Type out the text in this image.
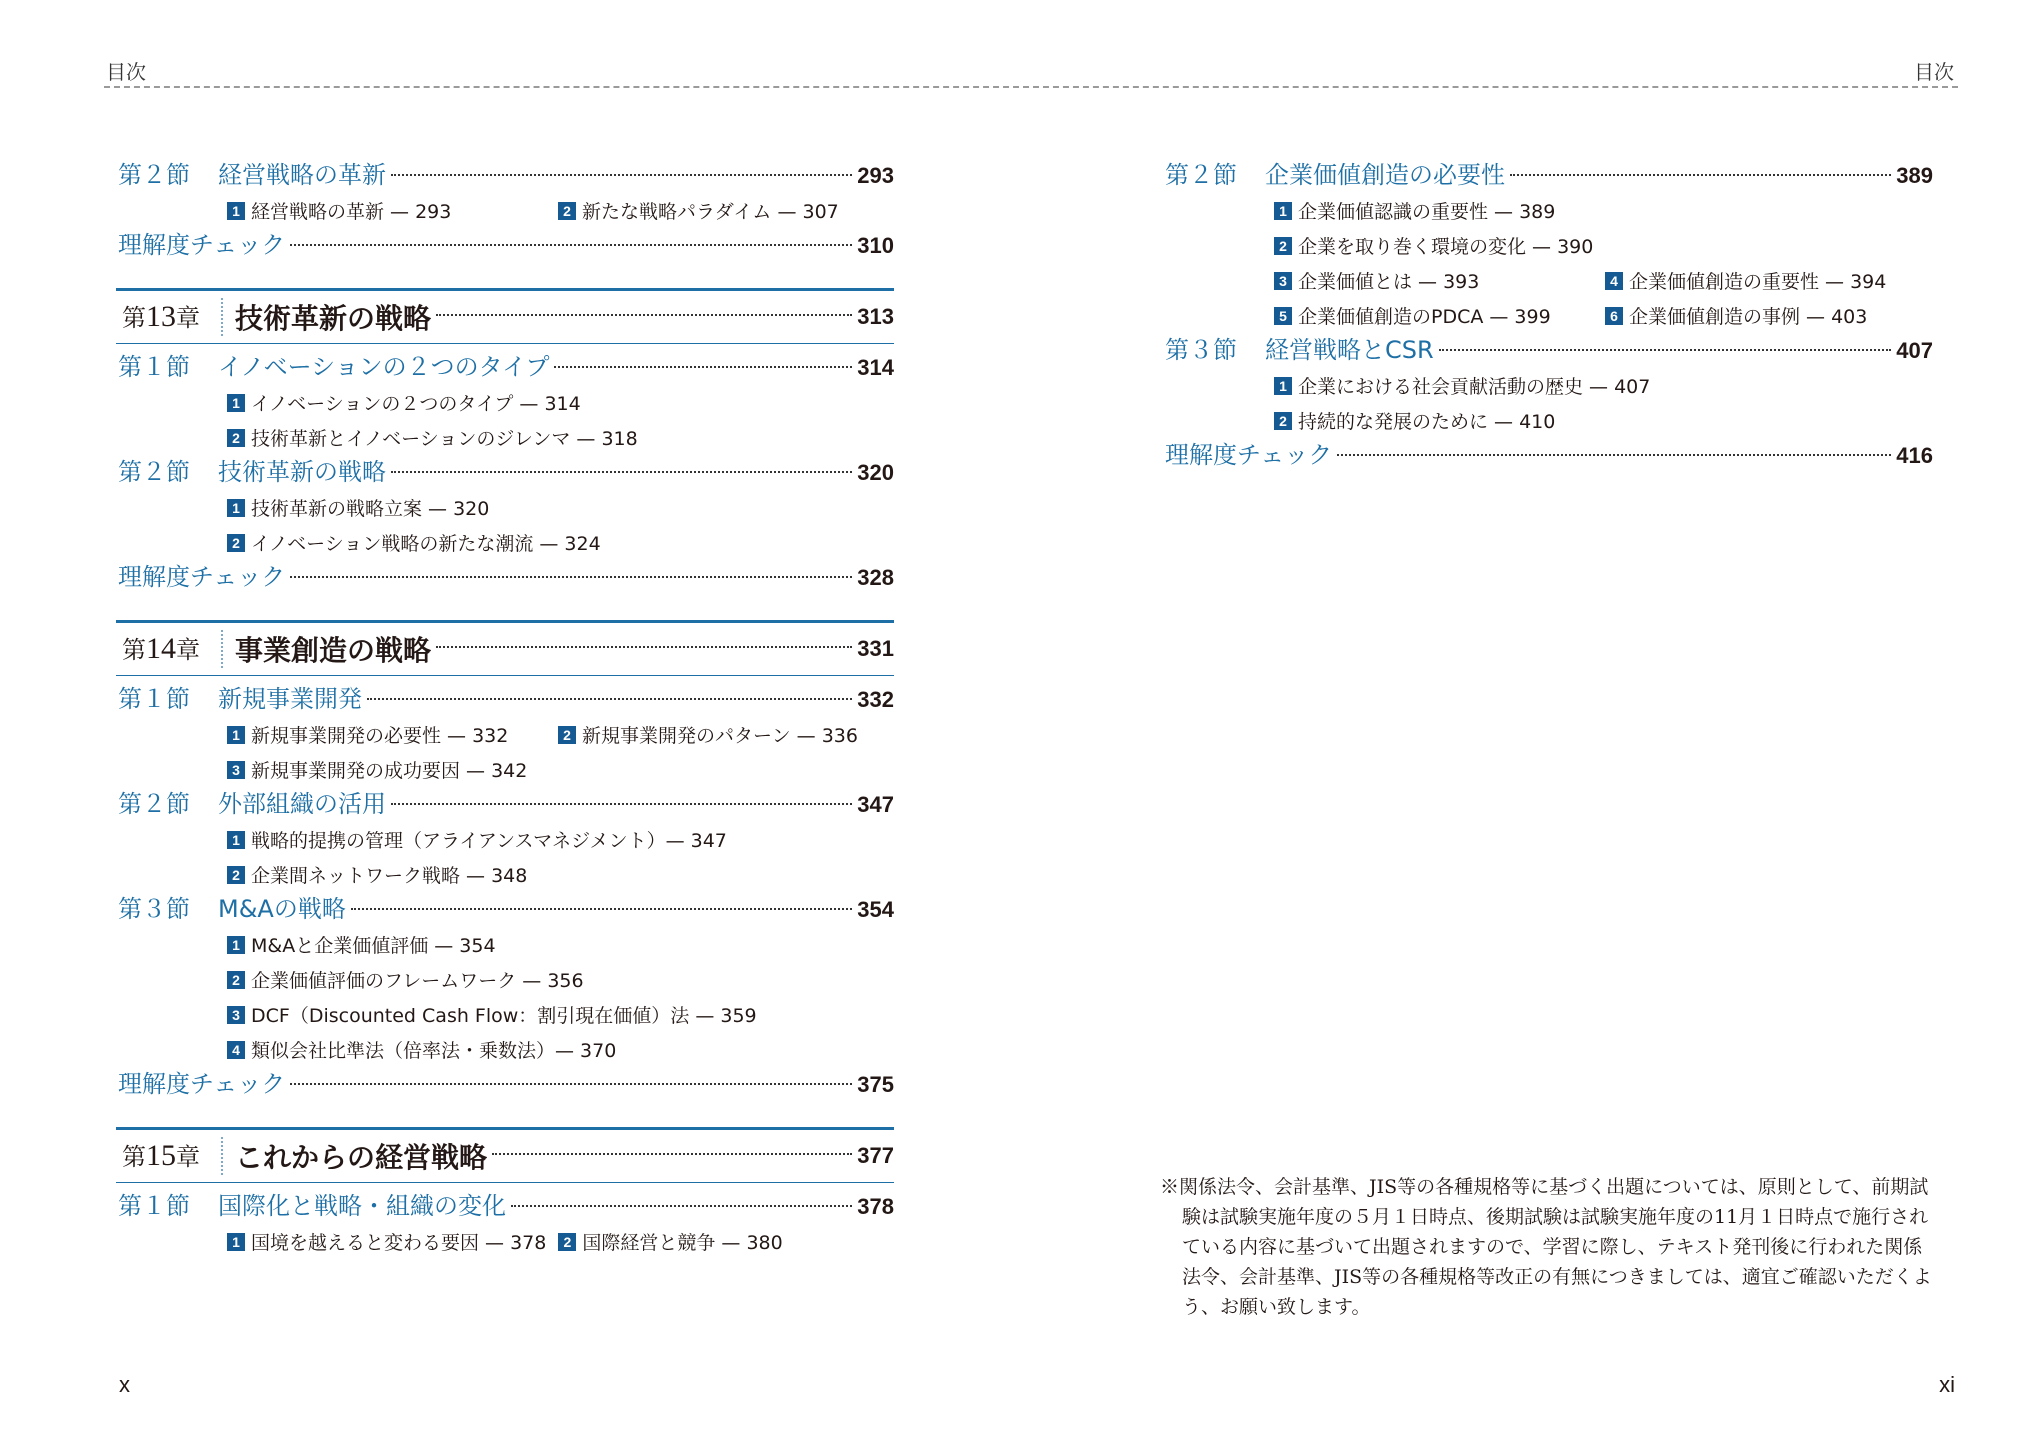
目次	目次
第２節	経営戦略の革新	293
1 経営戦略の革新 — 293	2 新たな戦略パラダイム — 307
理解度チェック	310
第13章	技術革新の戦略	313
第１節	イノベーションの２つのタイプ	314
1 イノベーションの２つのタイプ — 314
2 技術革新とイノベーションのジレンマ — 318
第２節	技術革新の戦略	320
1 技術革新の戦略立案 — 320
2 イノベーション戦略の新たな潮流 — 324
理解度チェック	328
第14章	事業創造の戦略	331
第１節	新規事業開発	332
1 新規事業開発の必要性 — 332	2 新規事業開発のパターン — 336
3 新規事業開発の成功要因 — 342
第２節	外部組織の活用	347
1 戦略的提携の管理（アライアンスマネジメント）— 347
2 企業間ネットワーク戦略 — 348
第３節	M&Aの戦略	354
1 M&Aと企業価値評価 — 354
2 企業価値評価のフレームワーク — 356
3 DCF（Discounted Cash Flow：割引現在価値）法 — 359
4 類似会社比準法（倍率法・乗数法）— 370
理解度チェック	375
第15章	これからの経営戦略	377
第１節	国際化と戦略・組織の変化	378
1 国境を越えると変わる要因 — 378	2 国際経営と競争 — 380
第２節	企業価値創造の必要性	389
1 企業価値認識の重要性 — 389
2 企業を取り巻く環境の変化 — 390
3 企業価値とは — 393	4 企業価値創造の重要性 — 394
5 企業価値創造のPDCA — 399	6 企業価値創造の事例 — 403
第３節	経営戦略とCSR	407
1 企業における社会貢献活動の歴史 — 407
2 持続的な発展のために — 410
理解度チェック	416

※関係法令、会計基準、JIS等の各種規格等に基づく出題については、原則として、前期試験は試験実施年度の５月１日時点、後期試験は試験実施年度の11月１日時点で施行されている内容に基づいて出題されますので、学習に際し、テキスト発刊後に行われた関係法令、会計基準、JIS等の各種規格等改正の有無につきましては、適宜ご確認いただくよう、お願い致します。

x	xi
